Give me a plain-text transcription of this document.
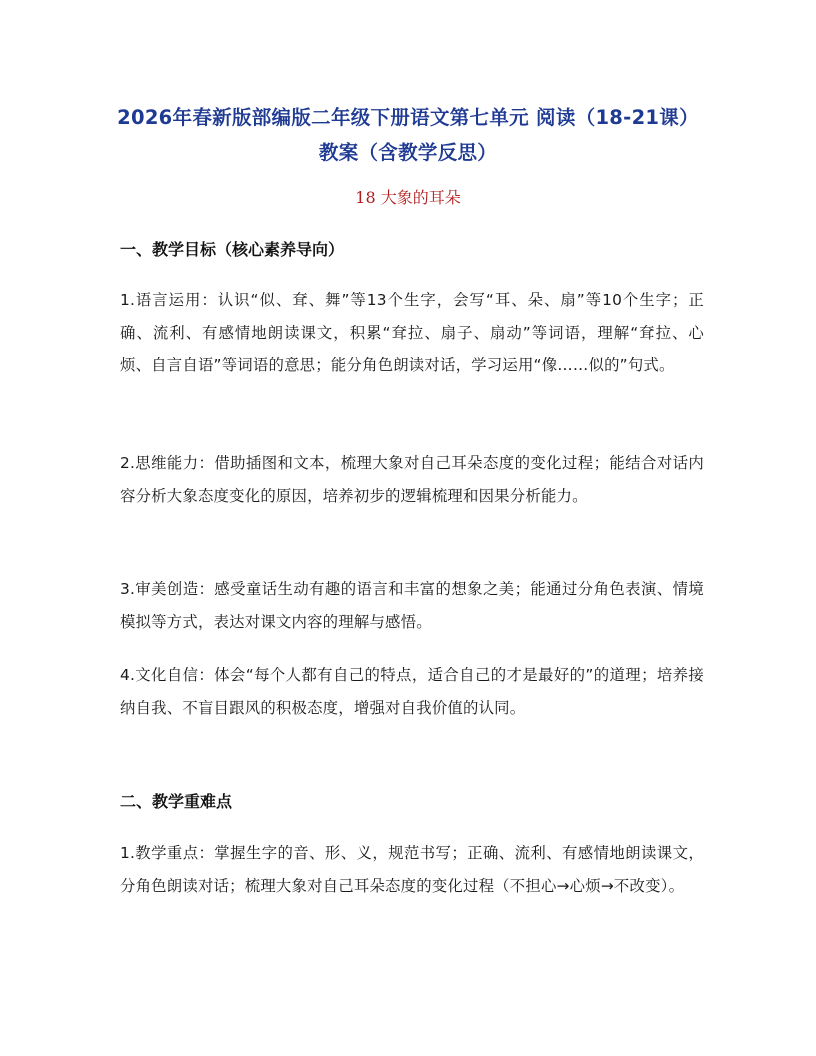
2026年春新版部编版二年级下册语文第七单元 阅读（18-21课） 教案（含教学反思）
18 大象的耳朵
一、教学目标（核心素养导向）
1.语言运用：认识“似、耷、舞”等13个生字，会写“耳、朵、扇”等10个生字；正确、流利、有感情地朗读课文，积累“耷拉、扇子、扇动”等词语，理解“耷拉、心烦、自言自语”等词语的意思；能分角色朗读对话，学习运用“像……似的”句式。
2.思维能力：借助插图和文本，梳理大象对自己耳朵态度的变化过程；能结合对话内容分析大象态度变化的原因，培养初步的逻辑梳理和因果分析能力。
3.审美创造：感受童话生动有趣的语言和丰富的想象之美；能通过分角色表演、情境模拟等方式，表达对课文内容的理解与感悟。
4.文化自信：体会“每个人都有自己的特点，适合自己的才是最好的”的道理；培养接纳自我、不盲目跟风的积极态度，增强对自我价值的认同。
二、教学重难点
1.教学重点：掌握生字的音、形、义，规范书写；正确、流利、有感情地朗读课文，分角色朗读对话；梳理大象对自己耳朵态度的变化过程（不担心→心烦→不改变）。
